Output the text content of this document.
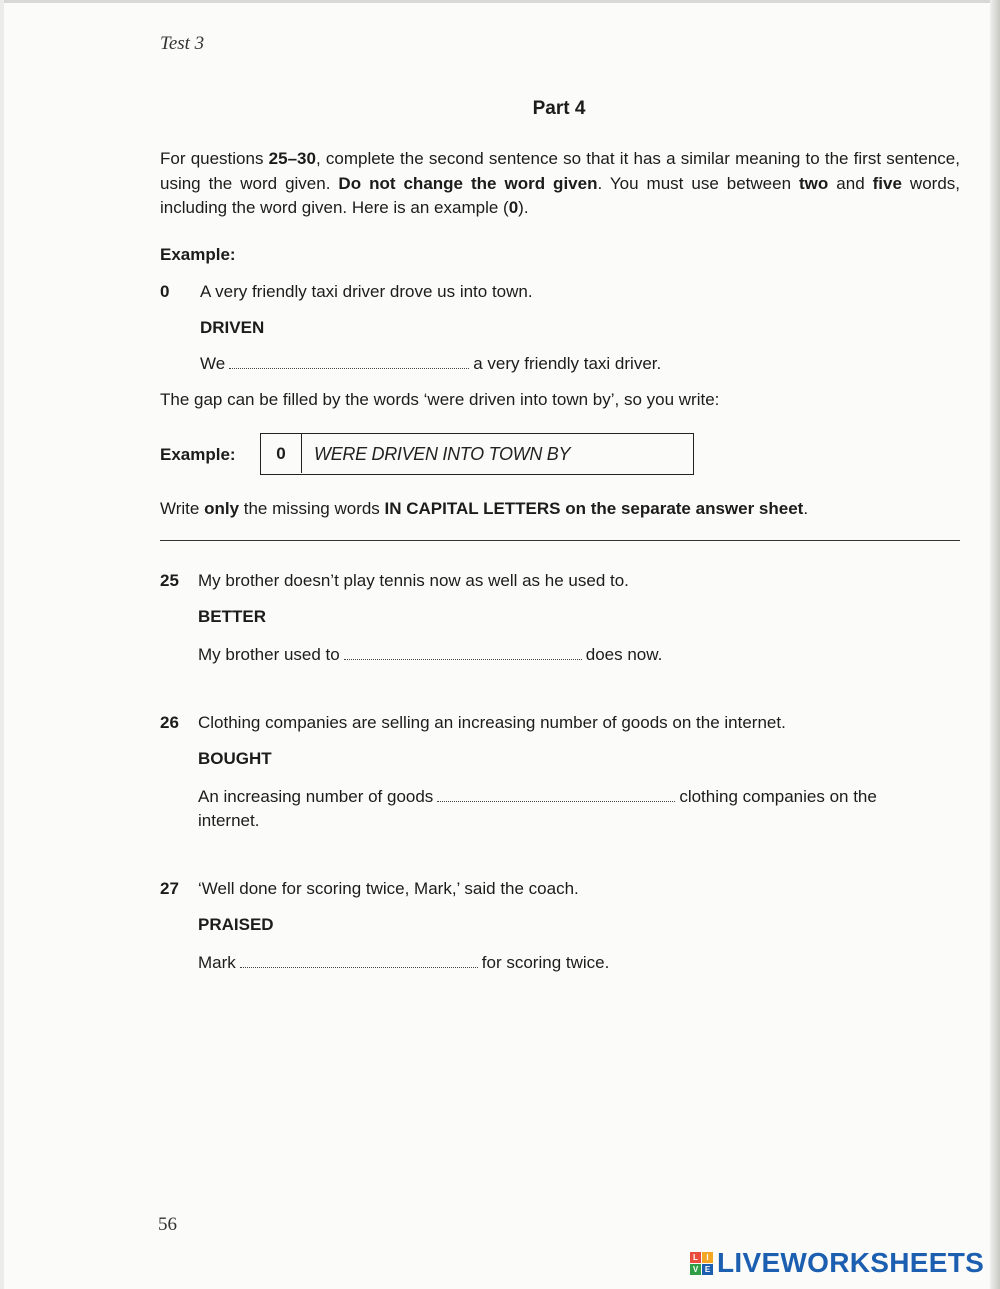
Test 3
Part 4
For questions 25–30, complete the second sentence so that it has a similar meaning to the first sentence, using the word given. Do not change the word given. You must use between two and five words, including the word given. Here is an example (0).
Example:
0 A very friendly taxi driver drove us into town.
DRIVEN
We	a very friendly taxi driver.
The gap can be filled by the words ‘were driven into town by’, so you write:
Example:	0	WERE DRIVEN INTO TOWN BY
Write only the missing words IN CAPITAL LETTERS on the separate answer sheet.
25 My brother doesn’t play tennis now as well as he used to.
BETTER
My brother used to	does now.
26 Clothing companies are selling an increasing number of goods on the internet.
BOUGHT
An increasing number of goods	clothing companies on the internet.
27 ‘Well done for scoring twice, Mark,’ said the coach.
PRAISED
Mark	for scoring twice.
56
L	I
V E LIVEWORKSHEETS
